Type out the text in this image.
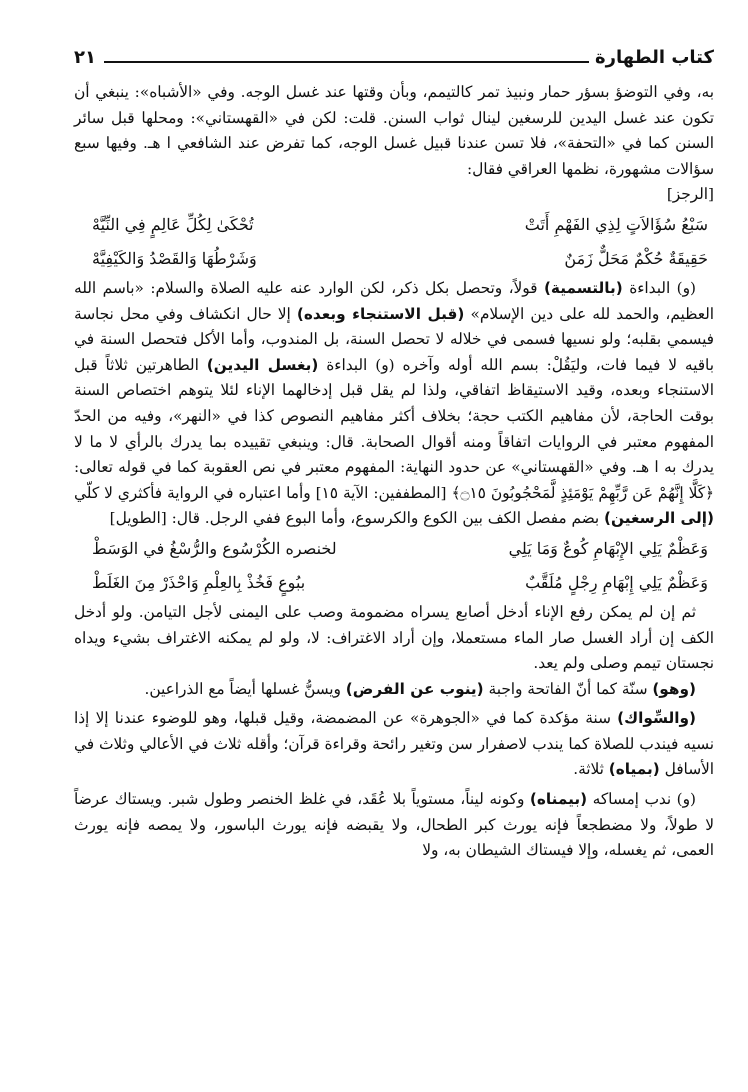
كتاب الطهارة
٢١

به، وفي التوضؤ بسؤر حمار ونبيذ تمر كالتيمم، وبأن وقتها عند غسل الوجه. وفي «الأشباه»: ينبغي أن تكون عند غسل اليدين للرسغين لينال ثواب السنن. قلت: لكن في «القهستاني»: ومحلها قبل سائر السنن كما في «التحفة»، فلا تسن عندنا قبيل غسل الوجه، كما تفرض عند الشافعي ا هـ. وفيها سبع سؤالات مشهورة، نظمها العراقي فقال:

[الرجز]
سَبْعُ سُؤَالاَتٍ لِذِي الفَهْمِ أَتَتْ
تُحْكَىٰ لِكُلِّ عَالِمٍ فِي النِّيَّهْ
حَقِيقَةٌ حُكْمٌ مَحَلٌّ زَمَنٌ
وَشَرْطُهَا وَالقَصْدُ وَالكَيْفِيَّهْ

(و) البداءة (بالتسمية) قولاً، وتحصل بكل ذكر، لكن الوارد عنه عليه الصلاة والسلام: «باسم الله العظيم، والحمد لله على دين الإسلام» (قبل الاستنجاء وبعده) إلا حال انكشاف وفي محل نجاسة فيسمي بقلبه؛ ولو نسيها فسمى في خلاله لا تحصل السنة، بل المندوب، وأما الأكل فتحصل السنة في باقيه لا فيما فات، وليَقُلْ: بسم الله أوله وآخره (و) البداءة (بغسل اليدين) الطاهرتين ثلاثاً قبل الاستنجاء وبعده، وقيد الاستيقاظ اتفاقي، ولذا لم يقل قبل إدخالهما الإناء لئلا يتوهم اختصاص السنة بوقت الحاجة، لأن مفاهيم الكتب حجة؛ بخلاف أكثر مفاهيم النصوص كذا في «النهر»، وفيه من الحدّ المفهوم معتبر في الروايات اتفاقاً ومنه أقوال الصحابة. قال: وينبغي تقييده بما يدرك بالرأي لا ما لا يدرك به ا هـ. وفي «القهستاني» عن حدود النهاية: المفهوم معتبر في نص العقوبة كما في قوله تعالى: ﴿كَلَّا إِنَّهُمْ عَن رَّبِّهِمْ يَوْمَئِذٍ لَّمَحْجُوبُونَ ۝١٥﴾ [المطففين: الآية ١٥] وأما اعتباره في الرواية فأكثري لا كلّي (إلى الرسغين) بضم مفصل الكف بين الكوع والكرسوع، وأما البوع ففي الرجل. قال: [الطويل]

وَعَظْمٌ يَلِي الإِبْهَامِ كُوعٌ وَمَا يَلِي
لخنصره الكُرْسُوع والرُّسْغُ في الوَسَطْ
وَعَظْمٌ يَلِي إِبْهَامِ رِجْلٍ مُلَقَّبٌ
ببُوعٍ فَخُذْ بِالعِلْمِ وَاحْذَرْ مِنَ الغَلَطْ

ثم إن لم يمكن رفع الإناء أدخل أصابع يسراه مضمومة وصب على اليمنى لأجل التيامن. ولو أدخل الكف إن أراد الغسل صار الماء مستعملا، وإن أراد الاغتراف: لا، ولو لم يمكنه الاغتراف بشيء ويداه نجستان تيمم وصلى ولم يعد.

(وهو) سنّة كما أنّ الفاتحة واجبة (ينوب عن الفرض) ويسنُّ غسلها أيضاً مع الذراعين.

(والسِّواك) سنة مؤكدة كما في «الجوهرة» عن المضمضة، وقيل قبلها، وهو للوضوء عندنا إلا إذا نسيه فيندب للصلاة كما يندب لاصفرار سن وتغير رائحة وقراءة قرآن؛ وأقله ثلاث في الأعالي وثلاث في الأسافل (بمياه) ثلاثة.

(و) ندب إمساكه (بيمناه) وكونه ليناً، مستوياً بلا عُقَد، في غلظ الخنصر وطول شبر. ويستاك عرضاً لا طولاً، ولا مضطجعاً فإنه يورث كبر الطحال، ولا يقبضه فإنه يورث الباسور، ولا يمصه فإنه يورث العمى، ثم يغسله، وإلا فيستاك الشيطان به، ولا
